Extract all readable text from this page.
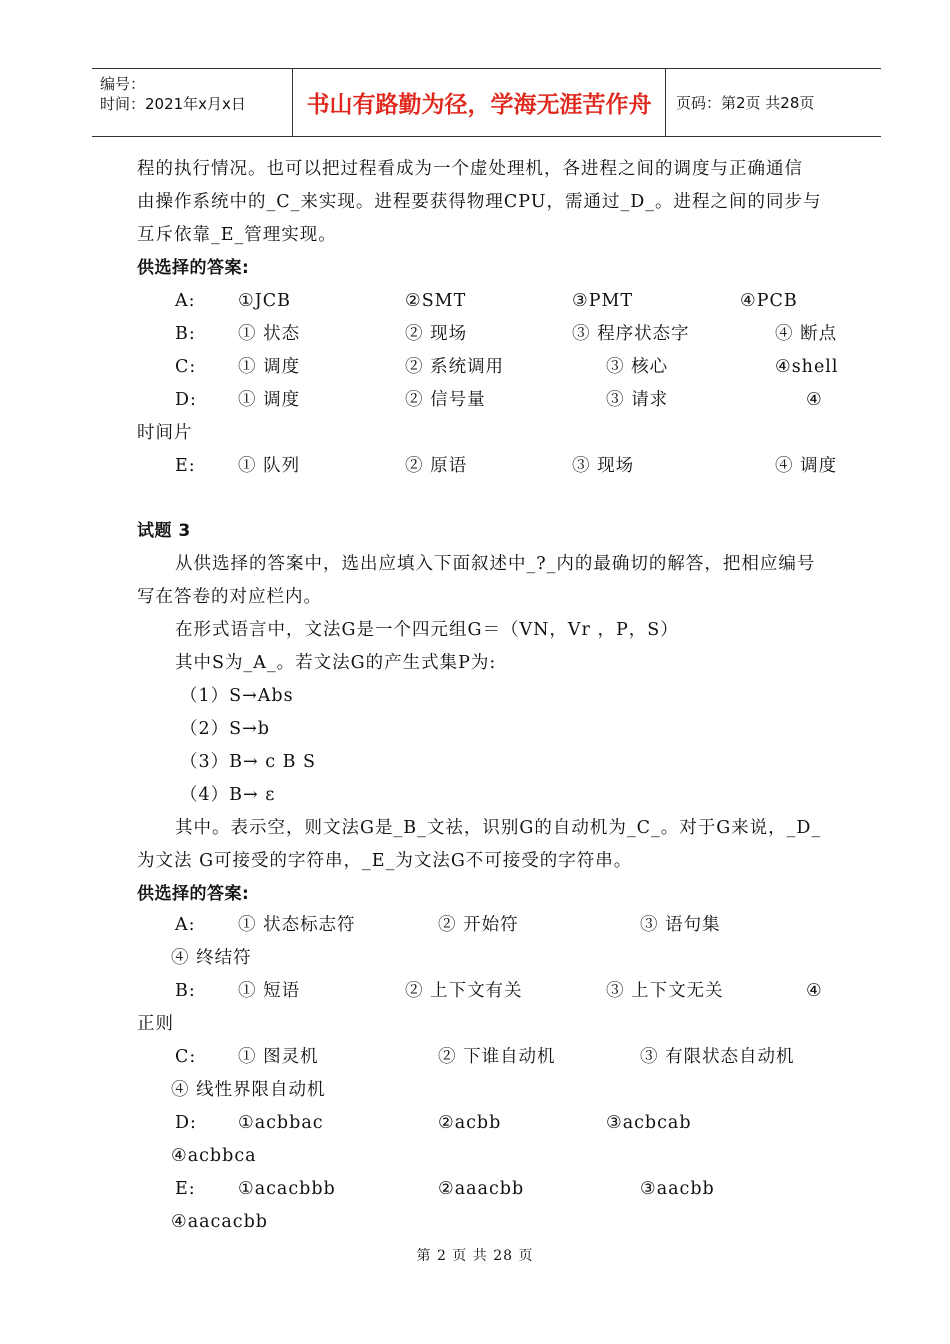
编号：
时间：2021年x月x日	书山有路勤为径，学海无涯苦作舟	页码：第2页 共28页
程的执行情况。也可以把过程看成为一个虚处理机，各进程之间的调度与正确通信
由操作系统中的_C_来实现。进程要获得物理CPU，需通过_D_。进程之间的同步与
互斥依靠_E_管理实现。
供选择的答案:
A: ①JCB	②SMT	③PMT	④PCB
B: ① 状态	② 现场	③ 程序状态字	④ 断点
C: ① 调度	② 系统调用	③ 核心	④shell
D: ① 调度	② 信号量	③ 请求	④
时间片
E: ① 队列	② 原语	③ 现场	④ 调度
试题 3
从供选择的答案中，选出应填入下面叙述中_?_内的最确切的解答，把相应编号
写在答卷的对应栏内。
在形式语言中，文法G是一个四元组G＝（VN，Vr ，P，S）
其中S为_A_。若文法G的产生式集P为:
（1）S→Abs
（2）S→b
（3）B→ c B S
（4）B→ ε
其中。表示空，则文法G是_B_文祛，识别G的自动机为_C_。对于G来说，_D_
为文法 G可接受的字符串，_E_为文法G不可接受的字符串。
供选择的答案:
A: ① 状态标志符	② 开始符	③ 语句集
④ 终结符
B: ① 短语	② 上下文有关	③ 上下文无关	④
正则
C: ① 图灵机	② 下谁自动机	③ 有限状态自动机
④ 线性界限自动机
D: ①acbbac	②acbb	③acbcab
④acbbca
E: ①acacbbb	②aaacbb	③aacbb
④aacacbb
第 2 页 共 28 页
